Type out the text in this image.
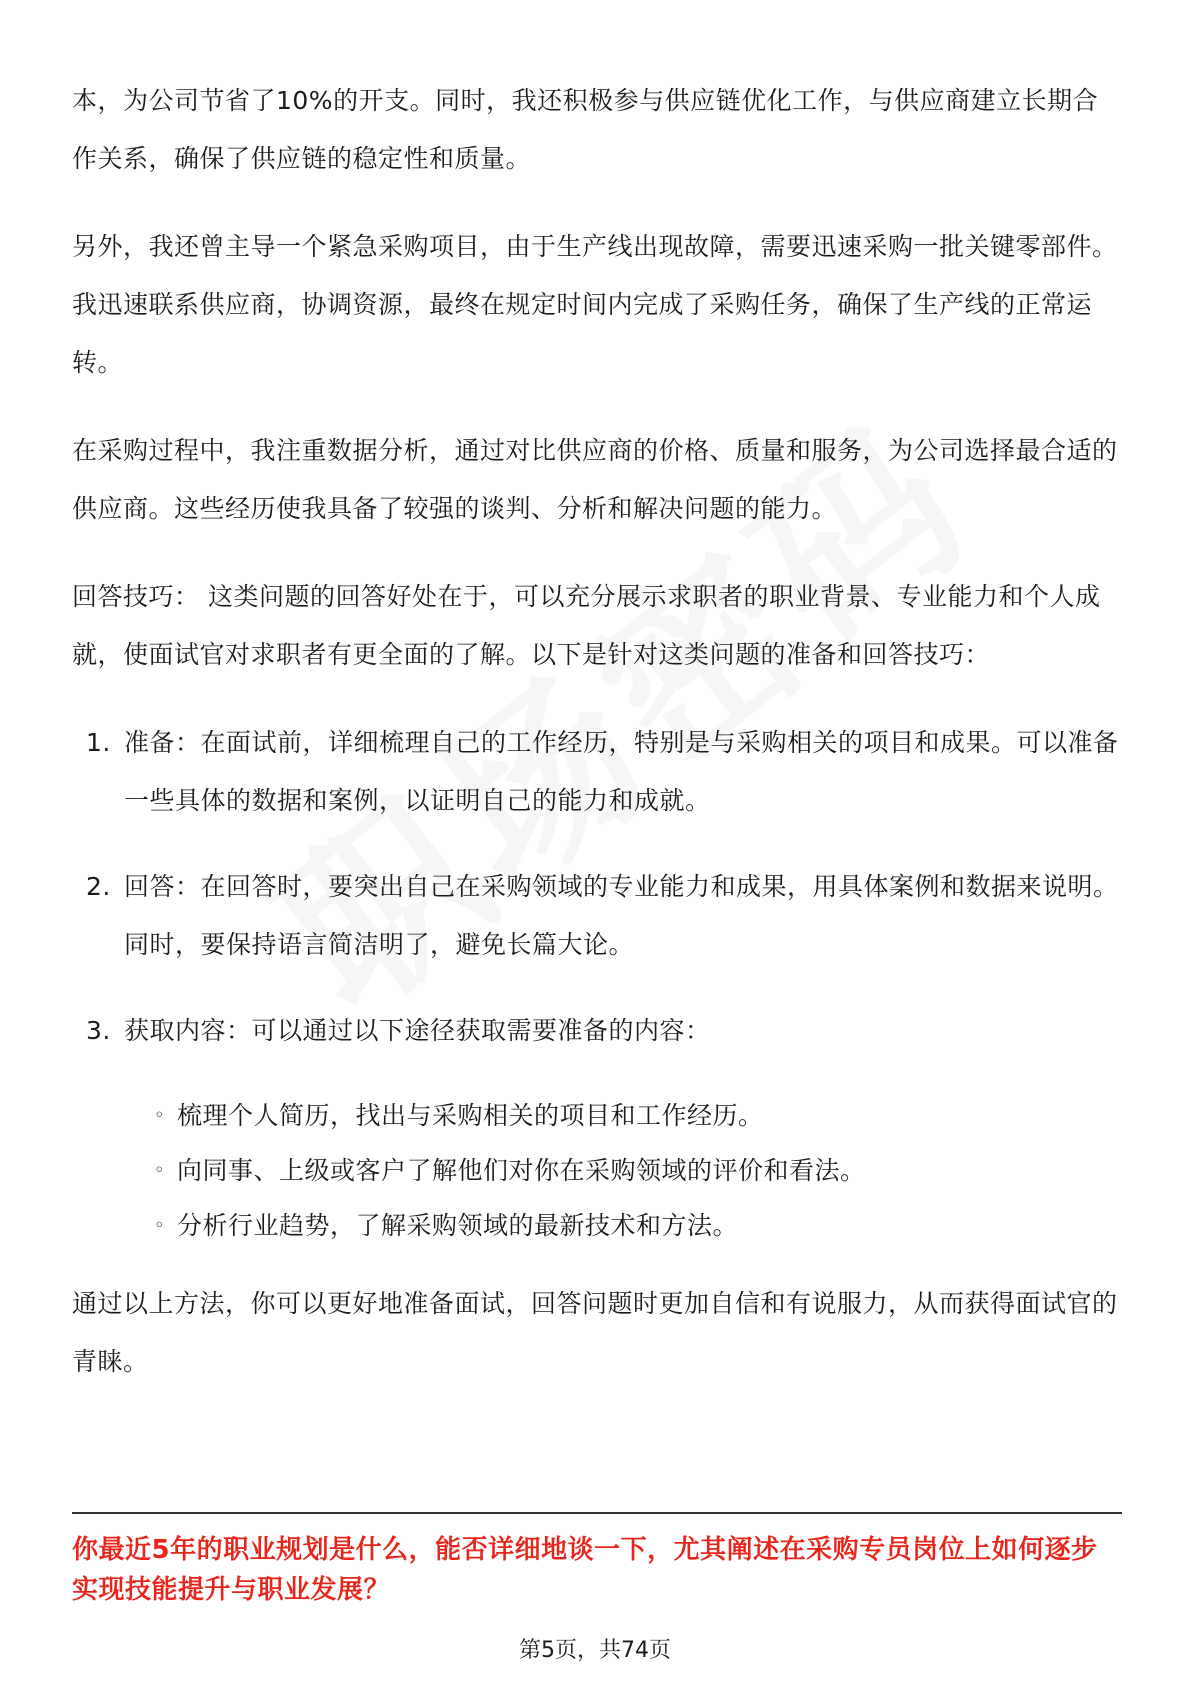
本，为公司节省了10%的开支。同时，我还积极参与供应链优化工作，与供应商建立长期合作关系，确保了供应链的稳定性和质量。

另外，我还曾主导一个紧急采购项目，由于生产线出现故障，需要迅速采购一批关键零部件。我迅速联系供应商，协调资源，最终在规定时间内完成了采购任务，确保了生产线的正常运转。

在采购过程中，我注重数据分析，通过对比供应商的价格、质量和服务，为公司选择最合适的供应商。这些经历使我具备了较强的谈判、分析和解决问题的能力。

回答技巧： 这类问题的回答好处在于，可以充分展示求职者的职业背景、专业能力和个人成就，使面试官对求职者有更全面的了解。以下是针对这类问题的准备和回答技巧：

1. 准备：在面试前，详细梳理自己的工作经历，特别是与采购相关的项目和成果。可以准备一些具体的数据和案例，以证明自己的能力和成就。
2. 回答：在回答时，要突出自己在采购领域的专业能力和成果，用具体案例和数据来说明。同时，要保持语言简洁明了，避免长篇大论。
3. 获取内容：可以通过以下途径获取需要准备的内容：
◦ 梳理个人简历，找出与采购相关的项目和工作经历。
◦ 向同事、上级或客户了解他们对你在采购领域的评价和看法。
◦ 分析行业趋势，了解采购领域的最新技术和方法。

通过以上方法，你可以更好地准备面试，回答问题时更加自信和有说服力，从而获得面试官的青睐。

你最近5年的职业规划是什么，能否详细地谈一下，尤其阐述在采购专员岗位上如何逐步实现技能提升与职业发展？
第5页，共74页
